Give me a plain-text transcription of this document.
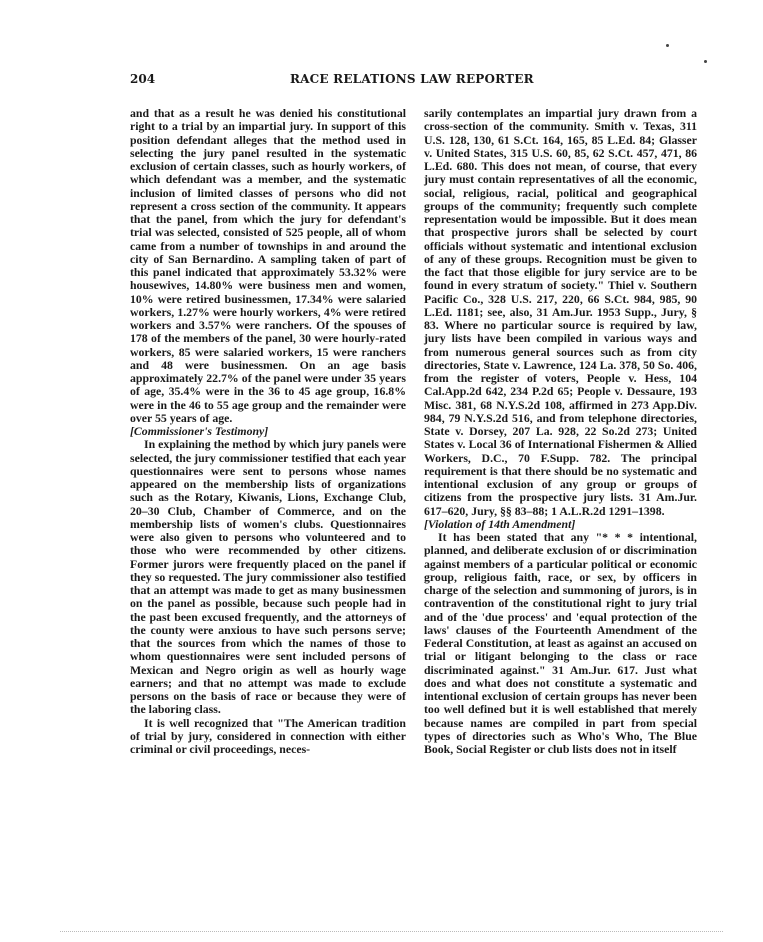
204	RACE RELATIONS LAW REPORTER

and that as a result he was denied his constitutional right to a trial by an impartial jury. In support of this position defendant alleges that the method used in selecting the jury panel resulted in the systematic exclusion of certain classes, such as hourly workers, of which defendant was a member, and the systematic inclusion of limited classes of persons who did not represent a cross section of the community. It appears that the panel, from which the jury for defendant's trial was selected, consisted of 525 people, all of whom came from a number of townships in and around the city of San Bernardino. A sampling taken of part of this panel indicated that approximately 53.32% were housewives, 14.80% were business men and women, 10% were retired businessmen, 17.34% were salaried workers, 1.27% were hourly workers, 4% were retired workers and 3.57% were ranchers. Of the spouses of 178 of the members of the panel, 30 were hourly-rated workers, 85 were salaried workers, 15 were ranchers and 48 were businessmen. On an age basis approximately 22.7% of the panel were under 35 years of age, 35.4% were in the 36 to 45 age group, 16.8% were in the 46 to 55 age group and the remainder were over 55 years of age.

[Commissioner's Testimony]

In explaining the method by which jury panels were selected, the jury commissioner testified that each year questionnaires were sent to persons whose names appeared on the membership lists of organizations such as the Rotary, Kiwanis, Lions, Exchange Club, 20–30 Club, Chamber of Commerce, and on the membership lists of women's clubs. Questionnaires were also given to persons who volunteered and to those who were recommended by other citizens. Former jurors were frequently placed on the panel if they so requested. The jury commissioner also testified that an attempt was made to get as many businessmen on the panel as possible, because such people had in the past been excused frequently, and the attorneys of the county were anxious to have such persons serve; that the sources from which the names of those to whom questionnaires were sent included persons of Mexican and Negro origin as well as hourly wage earners; and that no attempt was made to exclude persons on the basis of race or because they were of the laboring class.

It is well recognized that "The American tradition of trial by jury, considered in connection with either criminal or civil proceedings, neces-

sarily contemplates an impartial jury drawn from a cross-section of the community. Smith v. Texas, 311 U.S. 128, 130, 61 S.Ct. 164, 165, 85 L.Ed. 84; Glasser v. United States, 315 U.S. 60, 85, 62 S.Ct. 457, 471, 86 L.Ed. 680. This does not mean, of course, that every jury must contain representatives of all the economic, social, religious, racial, political and geographical groups of the community; frequently such complete representation would be impossible. But it does mean that prospective jurors shall be selected by court officials without systematic and intentional exclusion of any of these groups. Recognition must be given to the fact that those eligible for jury service are to be found in every stratum of society." Thiel v. Southern Pacific Co., 328 U.S. 217, 220, 66 S.Ct. 984, 985, 90 L.Ed. 1181; see, also, 31 Am.Jur. 1953 Supp., Jury, § 83. Where no particular source is required by law, jury lists have been compiled in various ways and from numerous general sources such as from city directories, State v. Lawrence, 124 La. 378, 50 So. 406, from the register of voters, People v. Hess, 104 Cal.App.2d 642, 234 P.2d 65; People v. Dessaure, 193 Misc. 381, 68 N.Y.S.2d 108, affirmed in 273 App.Div. 984, 79 N.Y.S.2d 516, and from telephone directories, State v. Dorsey, 207 La. 928, 22 So.2d 273; United States v. Local 36 of International Fishermen & Allied Workers, D.C., 70 F.Supp. 782. The principal requirement is that there should be no systematic and intentional exclusion of any group or groups of citizens from the prospective jury lists. 31 Am.Jur. 617–620, Jury, §§ 83–88; 1 A.L.R.2d 1291–1398.

[Violation of 14th Amendment]

It has been stated that any "* * * intentional, planned, and deliberate exclusion of or discrimination against members of a particular political or economic group, religious faith, race, or sex, by officers in charge of the selection and summoning of jurors, is in contravention of the constitutional right to jury trial and of the 'due process' and 'equal protection of the laws' clauses of the Fourteenth Amendment of the Federal Constitution, at least as against an accused on trial or litigant belonging to the class or race discriminated against." 31 Am.Jur. 617. Just what does and what does not constitute a systematic and intentional exclusion of certain groups has never been too well defined but it is well established that merely because names are compiled in part from special types of directories such as Who's Who, The Blue Book, Social Register or club lists does not in itself
